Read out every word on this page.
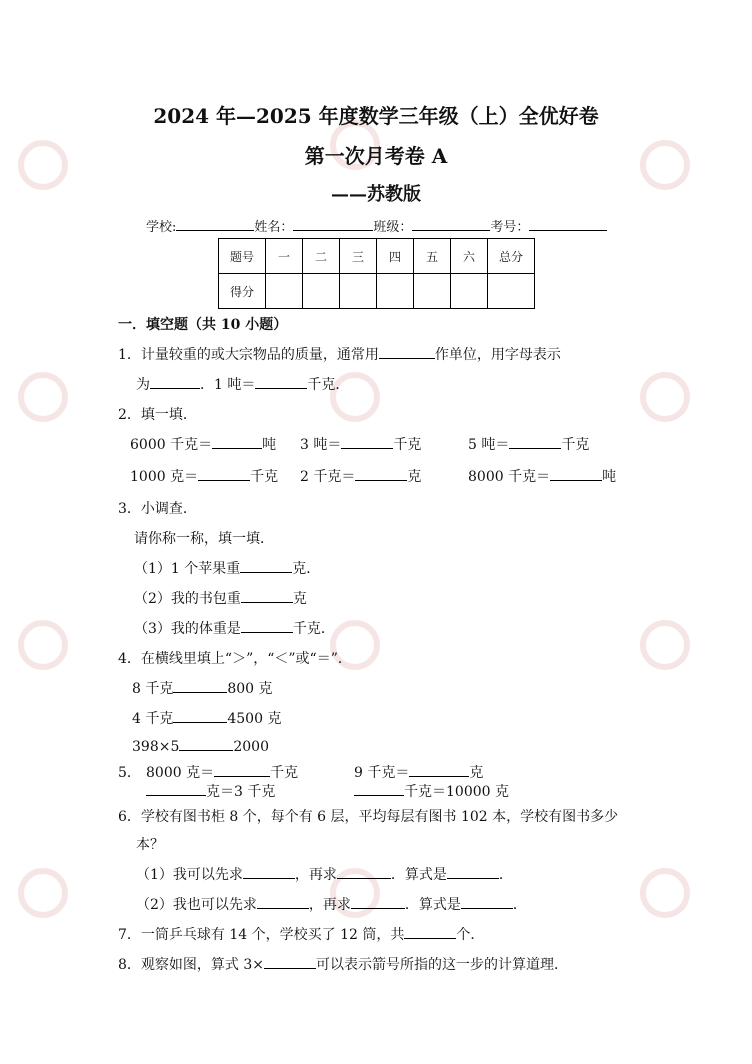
2024 年—2025 年度数学三年级（上）全优好卷
第一次月考卷 A
——苏教版
学校:	姓名：	班级：	考号：
题号	一	二	三	四	五	六	总分
得分							
一．填空题（共 10 小题）
1．计量较重的或大宗物品的质量，通常用	作单位，用字母表示
为	．1 吨＝	千克．
2．填一填．
6000 千克＝	吨 3 吨＝	千克	5 吨＝	千克
1000 克＝	千克 2 千克＝	克	8000 千克＝	吨
3．小调查．
请你称一称，填一填．
（1）1 个苹果重	克．
（2）我的书包重	克
（3）我的体重是	千克．
4．在横线里填上“＞”，“＜”或“＝”．
8 千克	800 克
4 千克	4500 克
398×5	2000
5． 8000 克＝	千克	9 千克＝	克
克＝3 千克	千克＝10000 克
6．学校有图书柜 8 个，每个有 6 层，平均每层有图书 102 本，学校有图书多少
本？
（1）我可以先求	，再求	．算式是	．
（2）我也可以先求	，再求	．算式是	．
7．一筒乒乓球有 14 个，学校买了 12 筒，共	个．
8．观察如图，算式 3×	可以表示箭号所指的这一步的计算道理．
